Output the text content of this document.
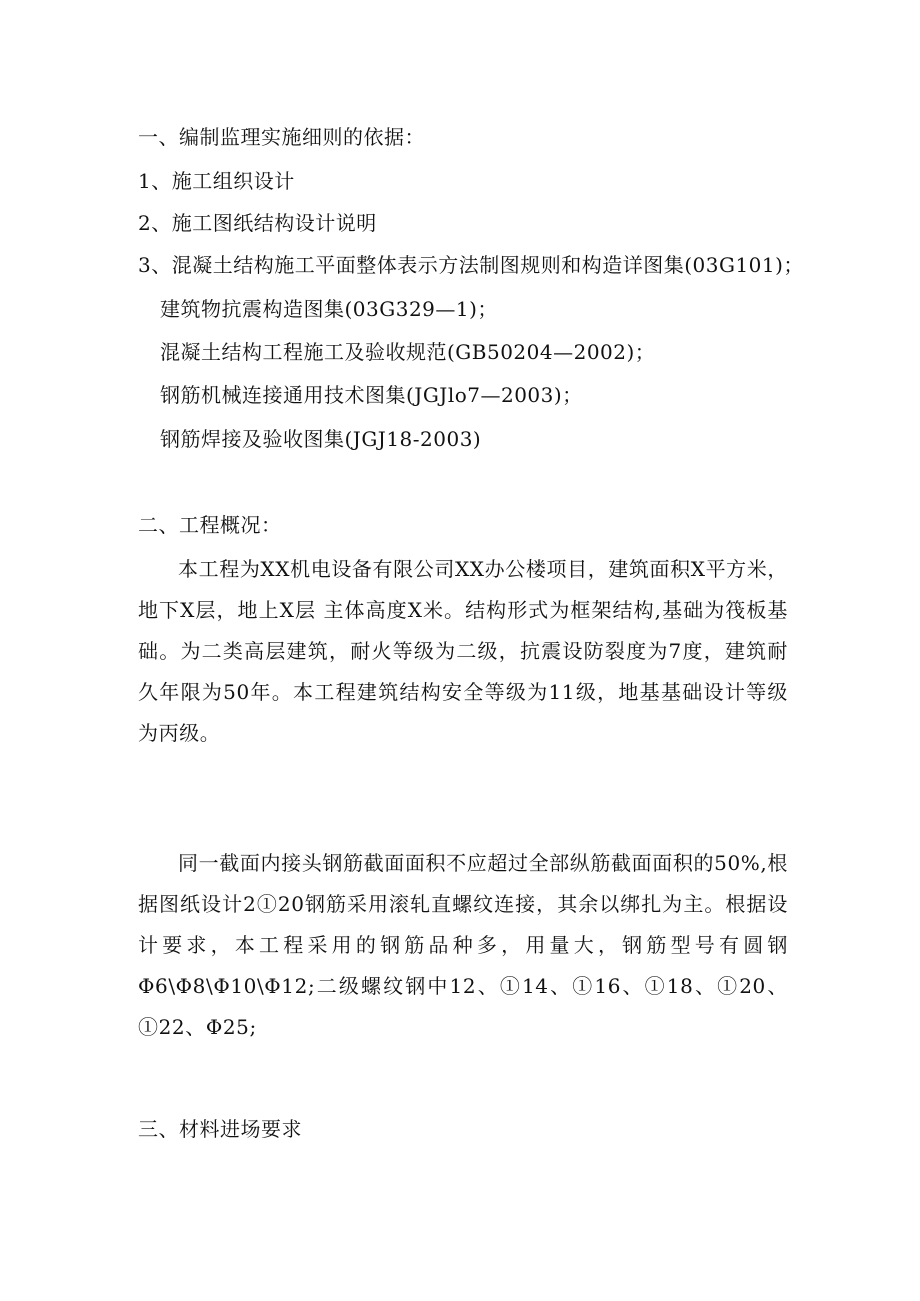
一、编制监理实施细则的依据：
1、施工组织设计
2、施工图纸结构设计说明
3、混凝土结构施工平面整体表示方法制图规则和构造详图集(03G101)；
建筑物抗震构造图集(03G329—1)；
混凝土结构工程施工及验收规范(GB50204—2002)；
钢筋机械连接通用技术图集(JGJlo7—2003)；
钢筋焊接及验收图集(JGJ18-2003)
二、工程概况：
本工程为XX机电设备有限公司XX办公楼项目，建筑面积X平方米，地下X层，地上X层 主体高度X米。结构形式为框架结构,基础为筏板基础。为二类高层建筑，耐火等级为二级，抗震设防裂度为7度，建筑耐久年限为50年。本工程建筑结构安全等级为11级，地基基础设计等级为丙级。
同一截面内接头钢筋截面面积不应超过全部纵筋截面面积的50%,根据图纸设计2①20钢筋采用滚轧直螺纹连接，其余以绑扎为主。根据设计要求，本工程采用的钢筋品种多，用量大，钢筋型号有圆钢Φ6\Φ8\Φ10\Φ12;二级螺纹钢中12、①14、①16、①18、①20、①22、Φ25;
三、材料进场要求
